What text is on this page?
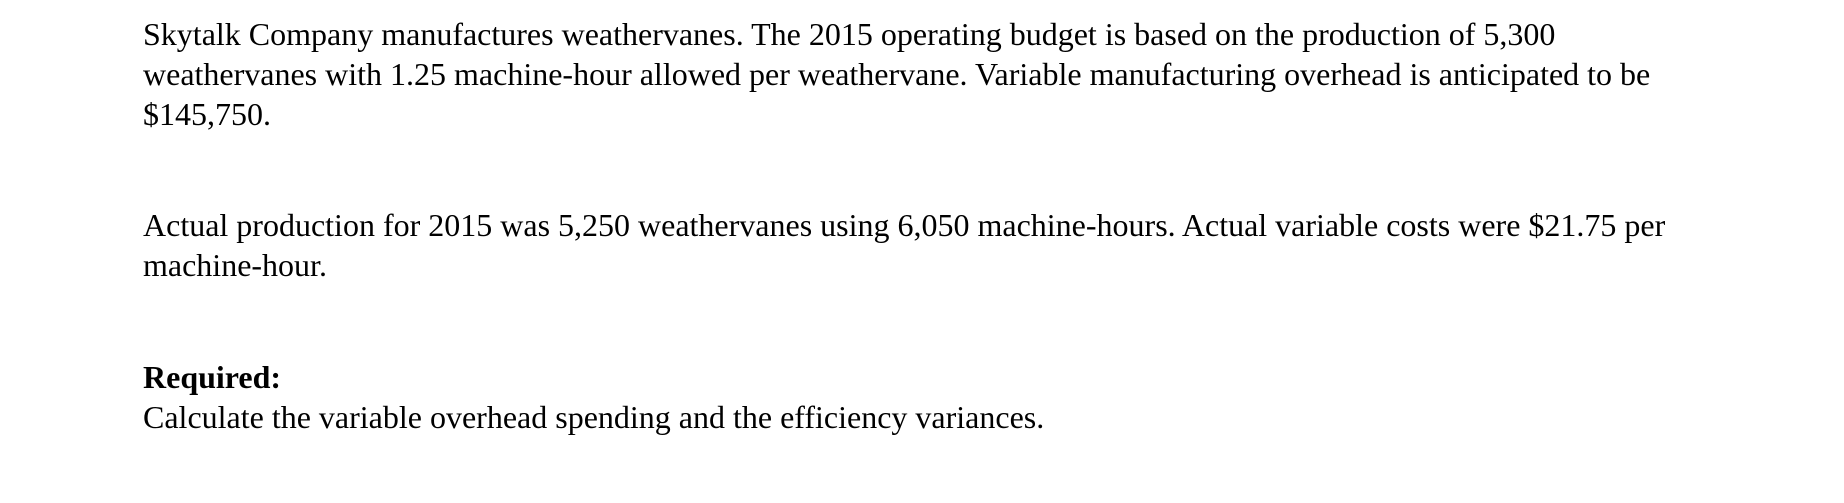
Skytalk Company manufactures weathervanes. The 2015 operating budget is based on the production of 5,300 weathervanes with 1.25 machine-hour allowed per weathervane. Variable manufacturing overhead is anticipated to be $145,750.

Actual production for 2015 was 5,250 weathervanes using 6,050 machine-hours. Actual variable costs were $21.75 per machine-hour.

Required:

Calculate the variable overhead spending and the efficiency variances.
